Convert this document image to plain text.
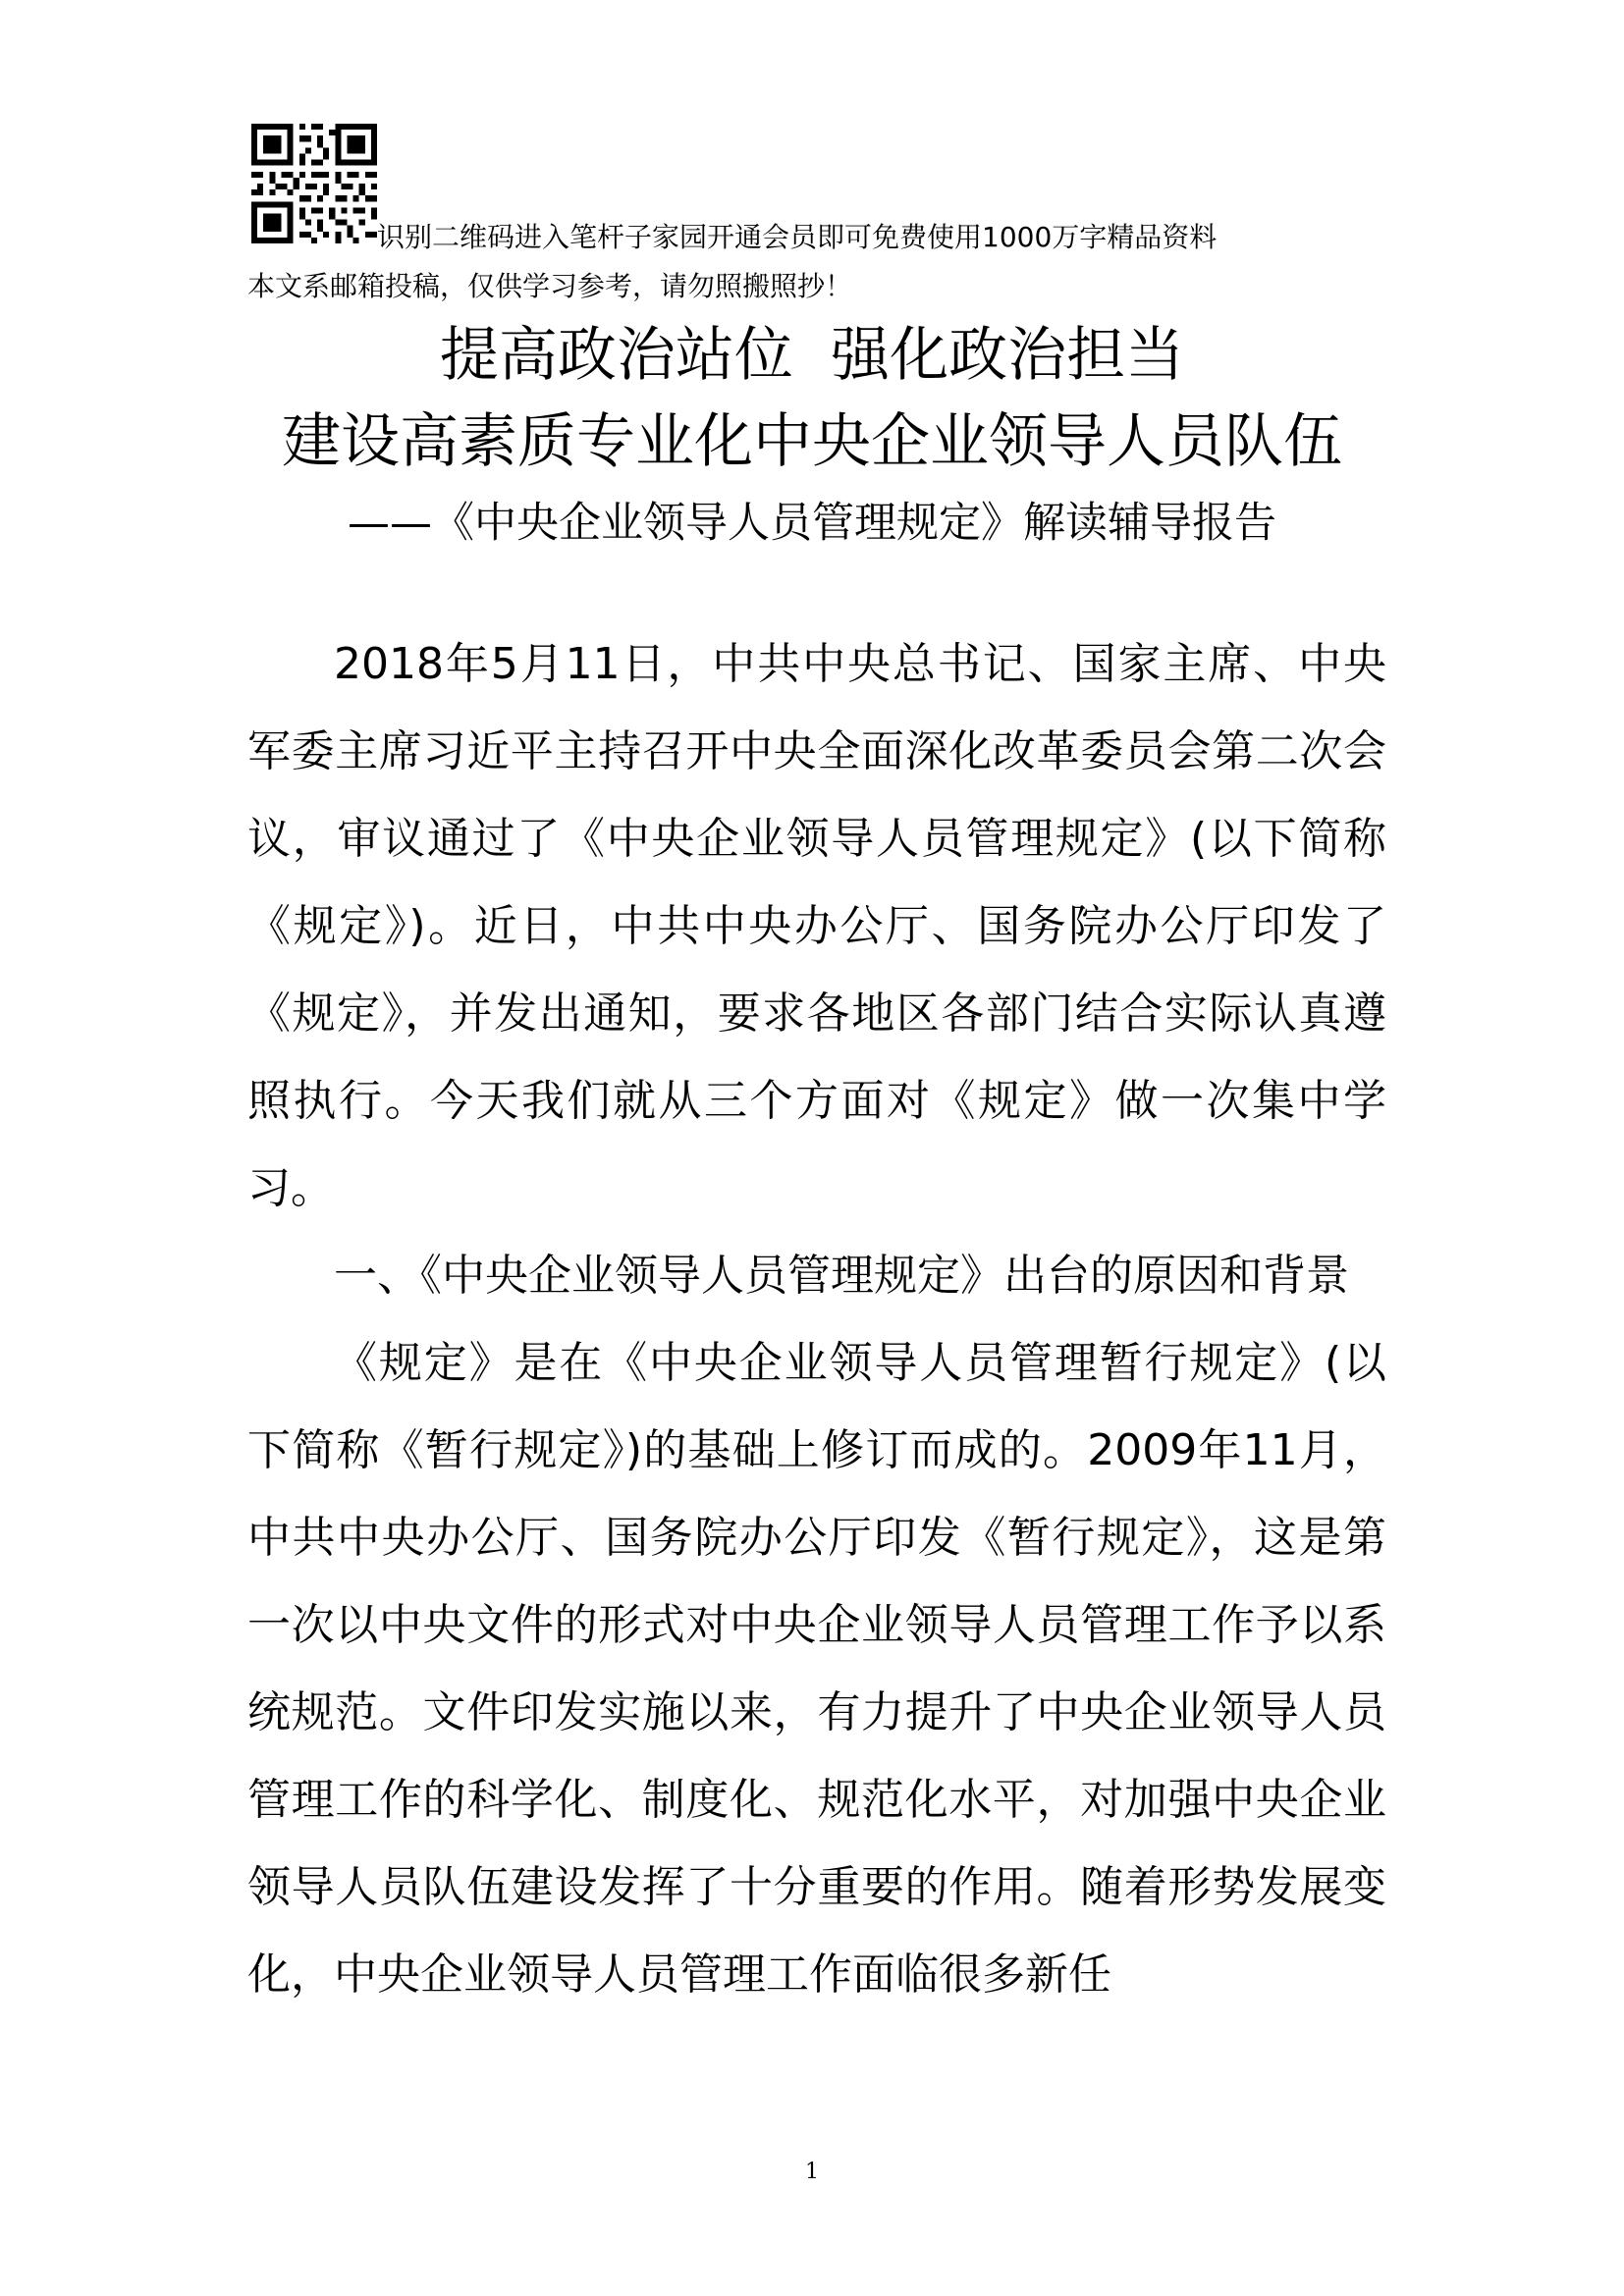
识别二维码进入笔杆子家园开通会员即可免费使用1000万字精品资料
本文系邮箱投稿，仅供学习参考，请勿照搬照抄！
提高政治站位  强化政治担当
建设高素质专业化中央企业领导人员队伍
——《中央企业领导人员管理规定》解读辅导报告

2018年5月11日，中共中央总书记、国家主席、中央军委主席习近平主持召开中央全面深化改革委员会第二次会议，审议通过了《中央企业领导人员管理规定》(以下简称《规定》)。近日，中共中央办公厅、国务院办公厅印发了《规定》，并发出通知，要求各地区各部门结合实际认真遵照执行。今天我们就从三个方面对《规定》做一次集中学习。

一、《中央企业领导人员管理规定》出台的原因和背景

《规定》是在《中央企业领导人员管理暂行规定》(以下简称《暂行规定》)的基础上修订而成的。2009年11月，中共中央办公厅、国务院办公厅印发《暂行规定》，这是第一次以中央文件的形式对中央企业领导人员管理工作予以系统规范。文件印发实施以来，有力提升了中央企业领导人员管理工作的科学化、制度化、规范化水平，对加强中央企业领导人员队伍建设发挥了十分重要的作用。随着形势发展变化，中央企业领导人员管理工作面临很多新任

1
